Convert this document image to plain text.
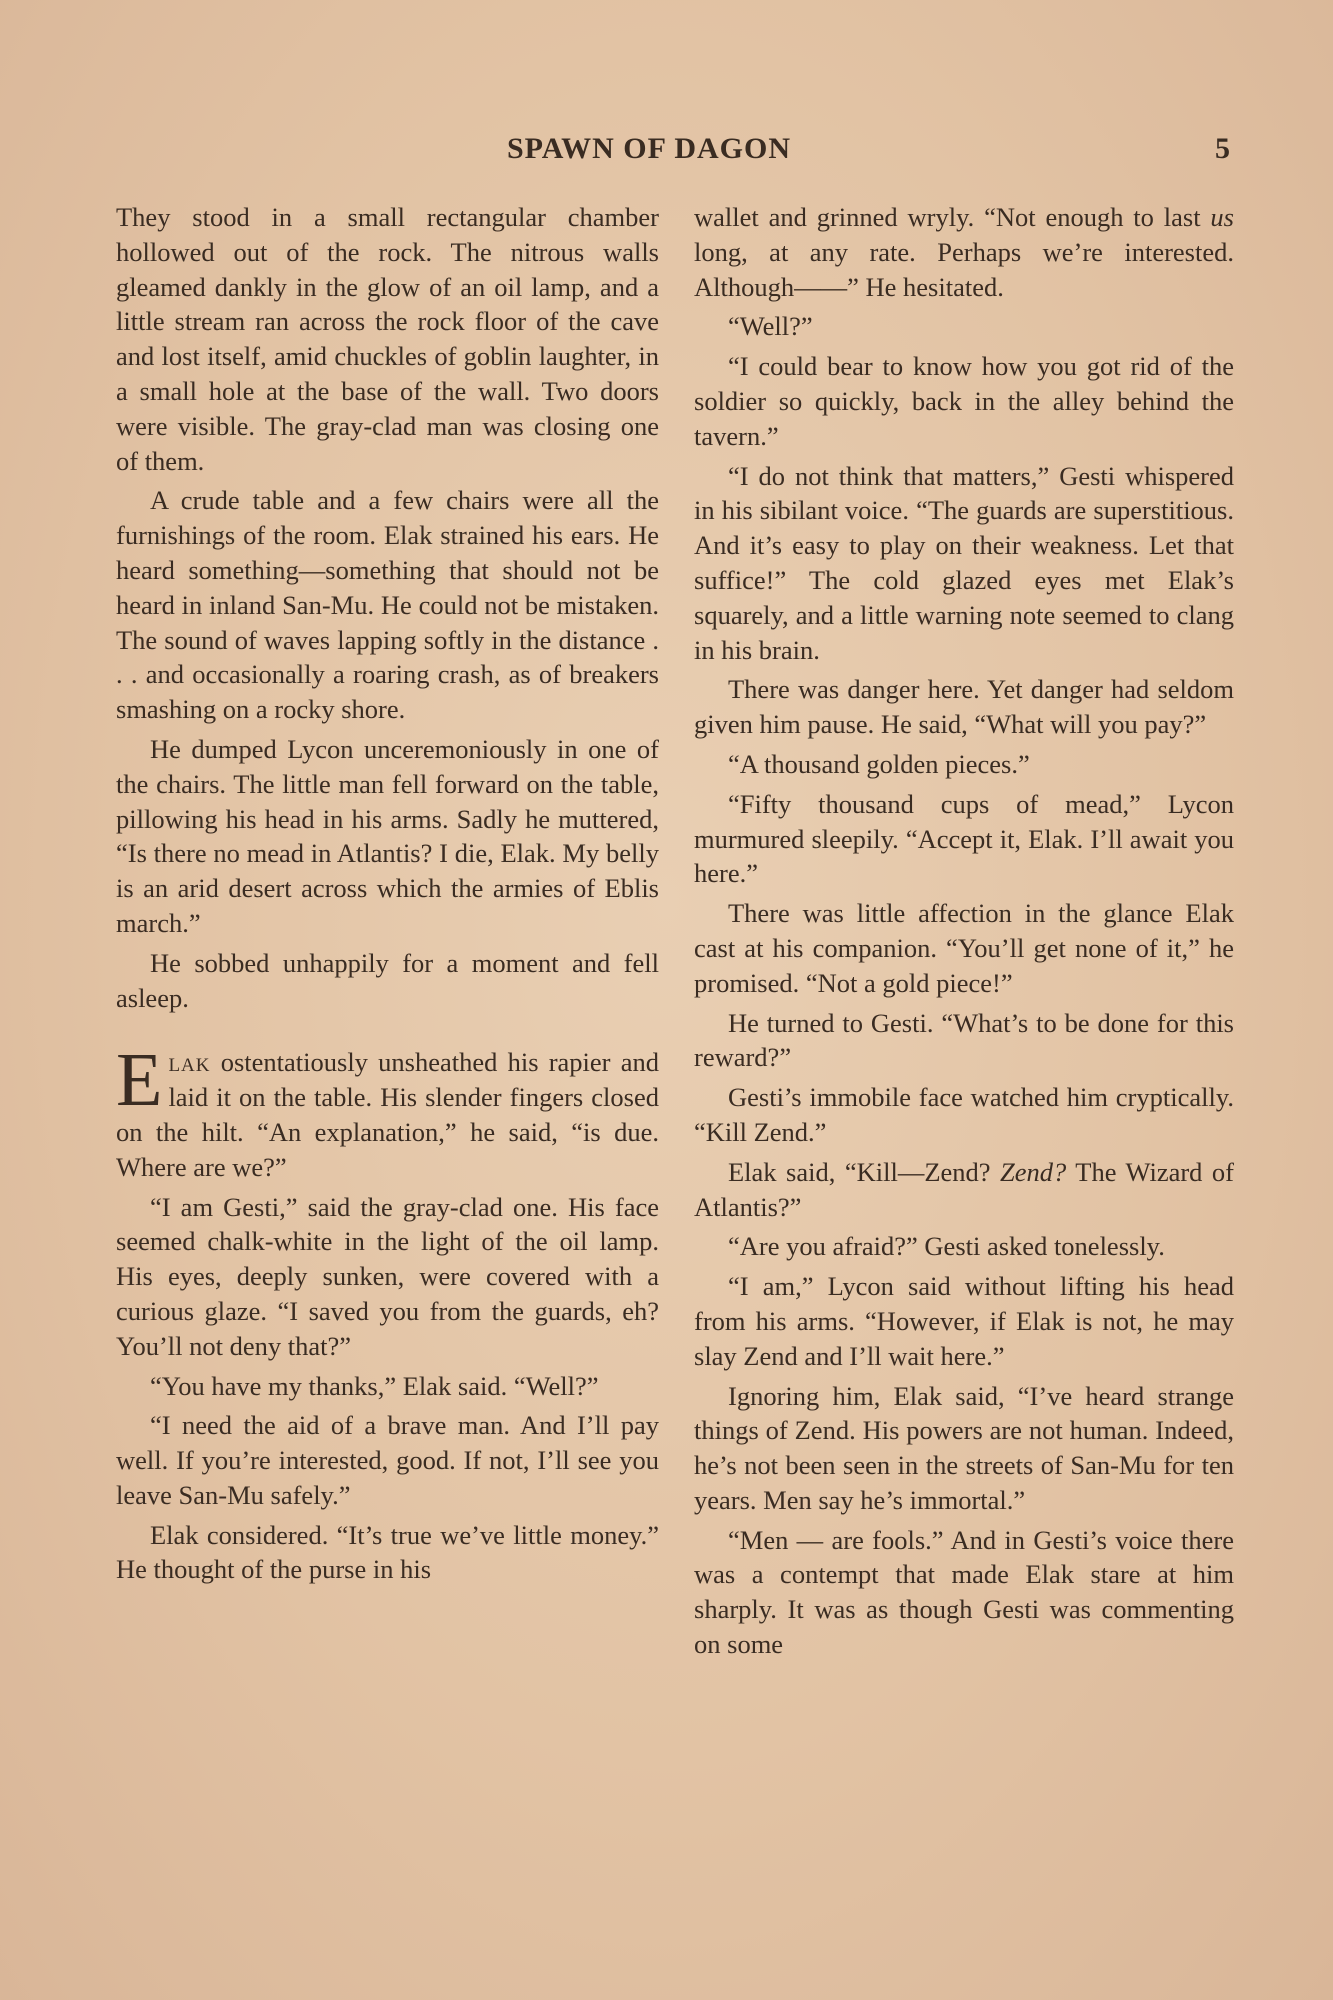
SPAWN OF DAGON	5

They stood in a small rectangular chamber hollowed out of the rock. The nitrous walls gleamed dankly in the glow of an oil lamp, and a little stream ran across the rock floor of the cave and lost itself, amid chuckles of goblin laughter, in a small hole at the base of the wall. Two doors were visible. The gray-clad man was closing one of them.

A crude table and a few chairs were all the furnishings of the room. Elak strained his ears. He heard something—something that should not be heard in inland San-Mu. He could not be mistaken. The sound of waves lapping softly in the distance . . . and occasionally a roaring crash, as of breakers smashing on a rocky shore.

He dumped Lycon unceremoniously in one of the chairs. The little man fell forward on the table, pillowing his head in his arms. Sadly he muttered, “Is there no mead in Atlantis? I die, Elak. My belly is an arid desert across which the armies of Eblis march.”

He sobbed unhappily for a moment and fell asleep.

Elak ostentatiously unsheathed his rapier and laid it on the table. His slender fingers closed on the hilt. “An explanation,” he said, “is due. Where are we?”

“I am Gesti,” said the gray-clad one. His face seemed chalk-white in the light of the oil lamp. His eyes, deeply sunken, were covered with a curious glaze. “I saved you from the guards, eh? You’ll not deny that?”

“You have my thanks,” Elak said. “Well?”

“I need the aid of a brave man. And I’ll pay well. If you’re interested, good. If not, I’ll see you leave San-Mu safely.”

Elak considered. “It’s true we’ve little money.” He thought of the purse in his

wallet and grinned wryly. “Not enough to last us long, at any rate. Perhaps we’re interested. Although——” He hesitated.

“Well?”

“I could bear to know how you got rid of the soldier so quickly, back in the alley behind the tavern.”

“I do not think that matters,” Gesti whispered in his sibilant voice. “The guards are superstitious. And it’s easy to play on their weakness. Let that suffice!” The cold glazed eyes met Elak’s squarely, and a little warning note seemed to clang in his brain.

There was danger here. Yet danger had seldom given him pause. He said, “What will you pay?”

“A thousand golden pieces.”

“Fifty thousand cups of mead,” Lycon murmured sleepily. “Accept it, Elak. I’ll await you here.”

There was little affection in the glance Elak cast at his companion. “You’ll get none of it,” he promised. “Not a gold piece!”

He turned to Gesti. “What’s to be done for this reward?”

Gesti’s immobile face watched him cryptically. “Kill Zend.”

Elak said, “Kill—Zend? Zend? The Wizard of Atlantis?”

“Are you afraid?” Gesti asked tonelessly.

“I am,” Lycon said without lifting his head from his arms. “However, if Elak is not, he may slay Zend and I’ll wait here.”

Ignoring him, Elak said, “I’ve heard strange things of Zend. His powers are not human. Indeed, he’s not been seen in the streets of San-Mu for ten years. Men say he’s immortal.”

“Men — are fools.” And in Gesti’s voice there was a contempt that made Elak stare at him sharply. It was as though Gesti was commenting on some
